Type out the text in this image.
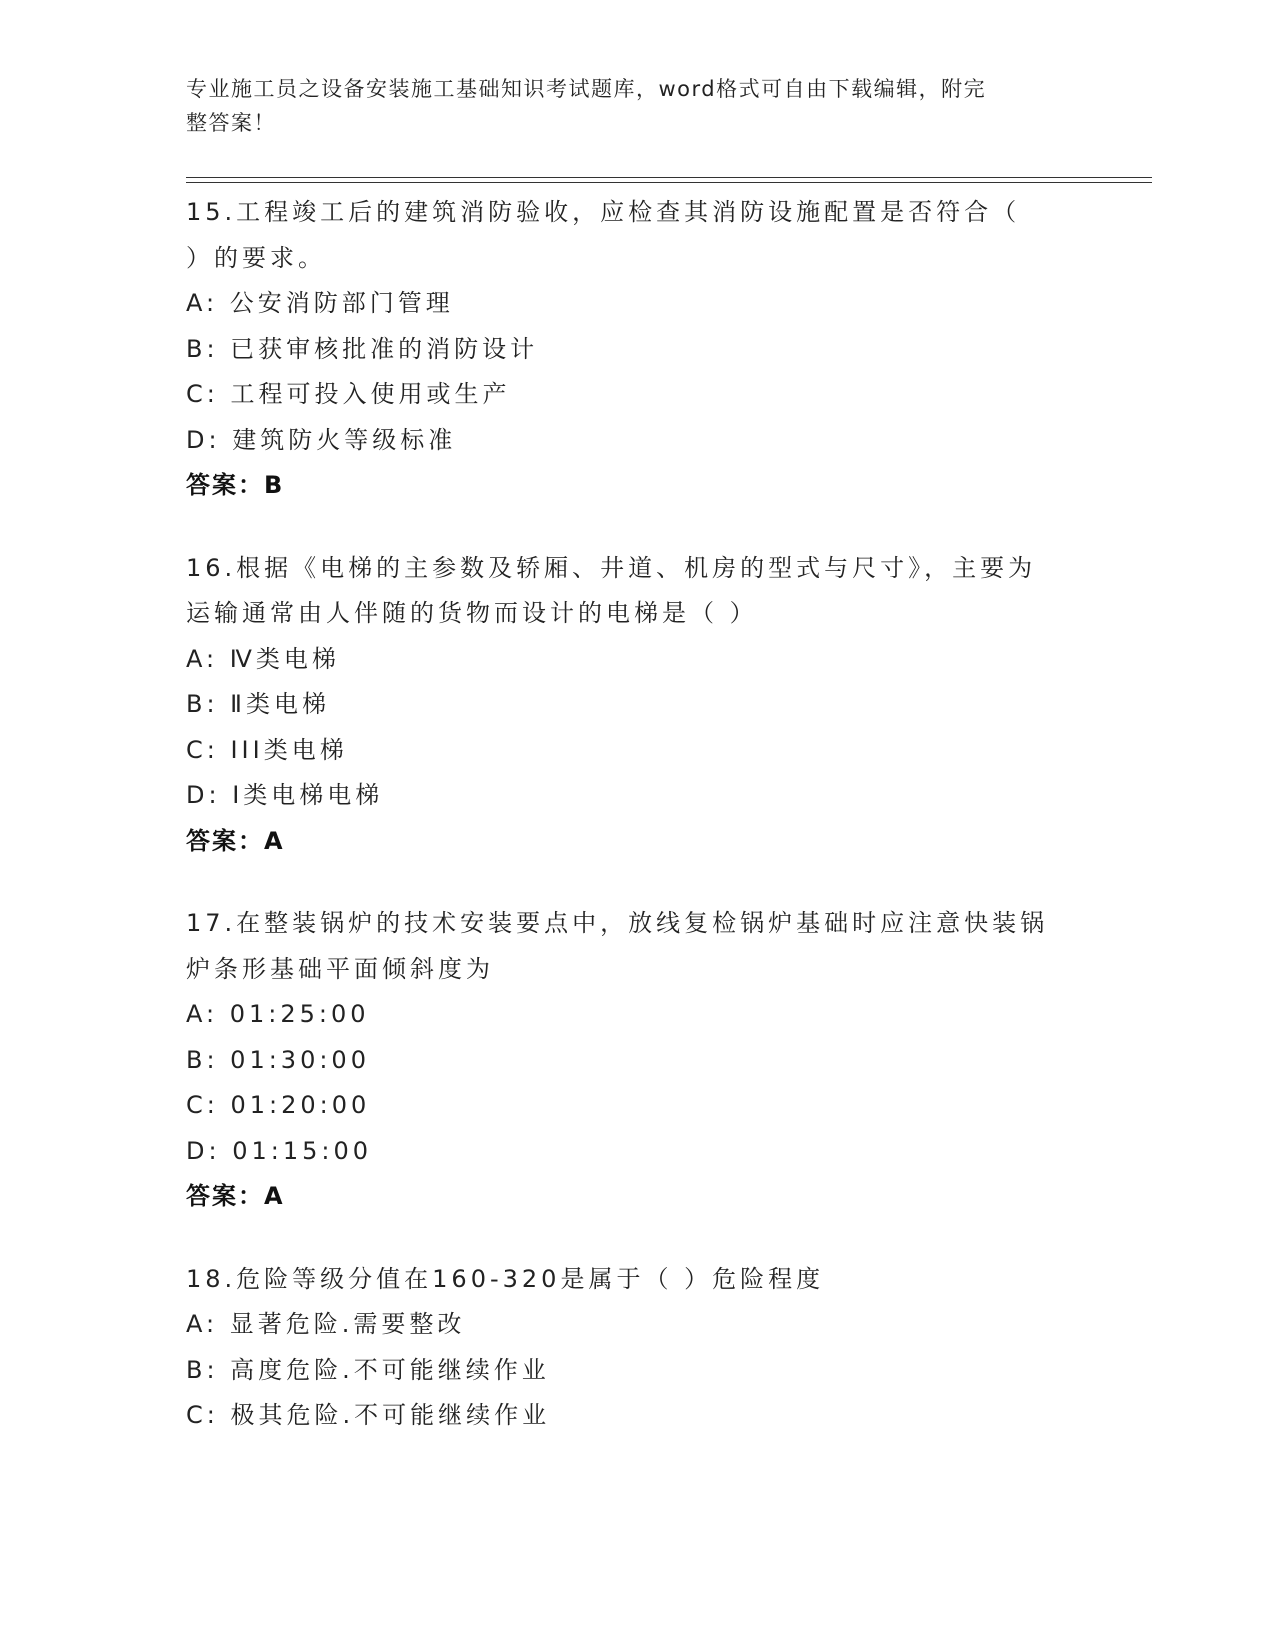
专业施工员之设备安装施工基础知识考试题库，word格式可自由下载编辑，附完
整答案！
15.工程竣工后的建筑消防验收，应检查其消防设施配置是否符合（
）的要求。
A: 公安消防部门管理
B: 已获审核批准的消防设计
C: 工程可投入使用或生产
D: 建筑防火等级标准
答案：B
16.根据《电梯的主参数及轿厢、井道、机房的型式与尺寸》，主要为
运输通常由人伴随的货物而设计的电梯是（ ）
A: Ⅳ类电梯
B: Ⅱ类电梯
C: III类电梯
D: Ⅰ类电梯电梯
答案：A
17.在整装锅炉的技术安装要点中，放线复检锅炉基础时应注意快装锅
炉条形基础平面倾斜度为
A: 01:25:00
B: 01:30:00
C: 01:20:00
D: 01:15:00
答案：A
18.危险等级分值在160-320是属于（ ）危险程度
A: 显著危险.需要整改
B: 高度危险.不可能继续作业
C: 极其危险.不可能继续作业
